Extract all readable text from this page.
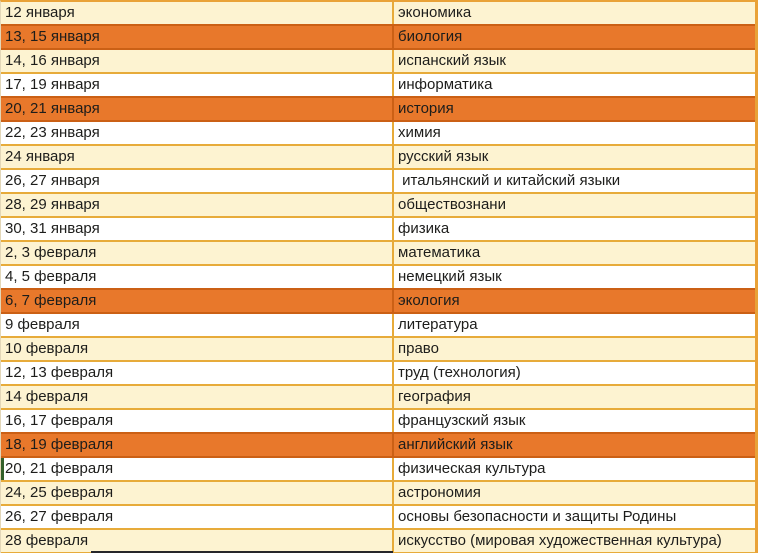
12 января	экономика
13, 15 января	биология
14, 16 января	испанский язык
17, 19 января	информатика
20, 21 января	история
22, 23 января	химия
24 января	русский язык
26, 27 января	итальянский и китайский языки
28, 29 января	обществознани
30, 31 января	физика
2, 3 февраля	математика
4, 5 февраля	немецкий язык
6, 7 февраля	экология
9 февраля	литература
10 февраля	право
12, 13 февраля	труд (технология)
14 февраля	география
16, 17 февраля	французский язык
18, 19 февраля	английский язык
20, 21 февраля	физическая культура
24, 25 февраля	астрономия
26, 27 февраля	основы безопасности и защиты Родины
28 февраля	искусство (мировая художественная культура)
